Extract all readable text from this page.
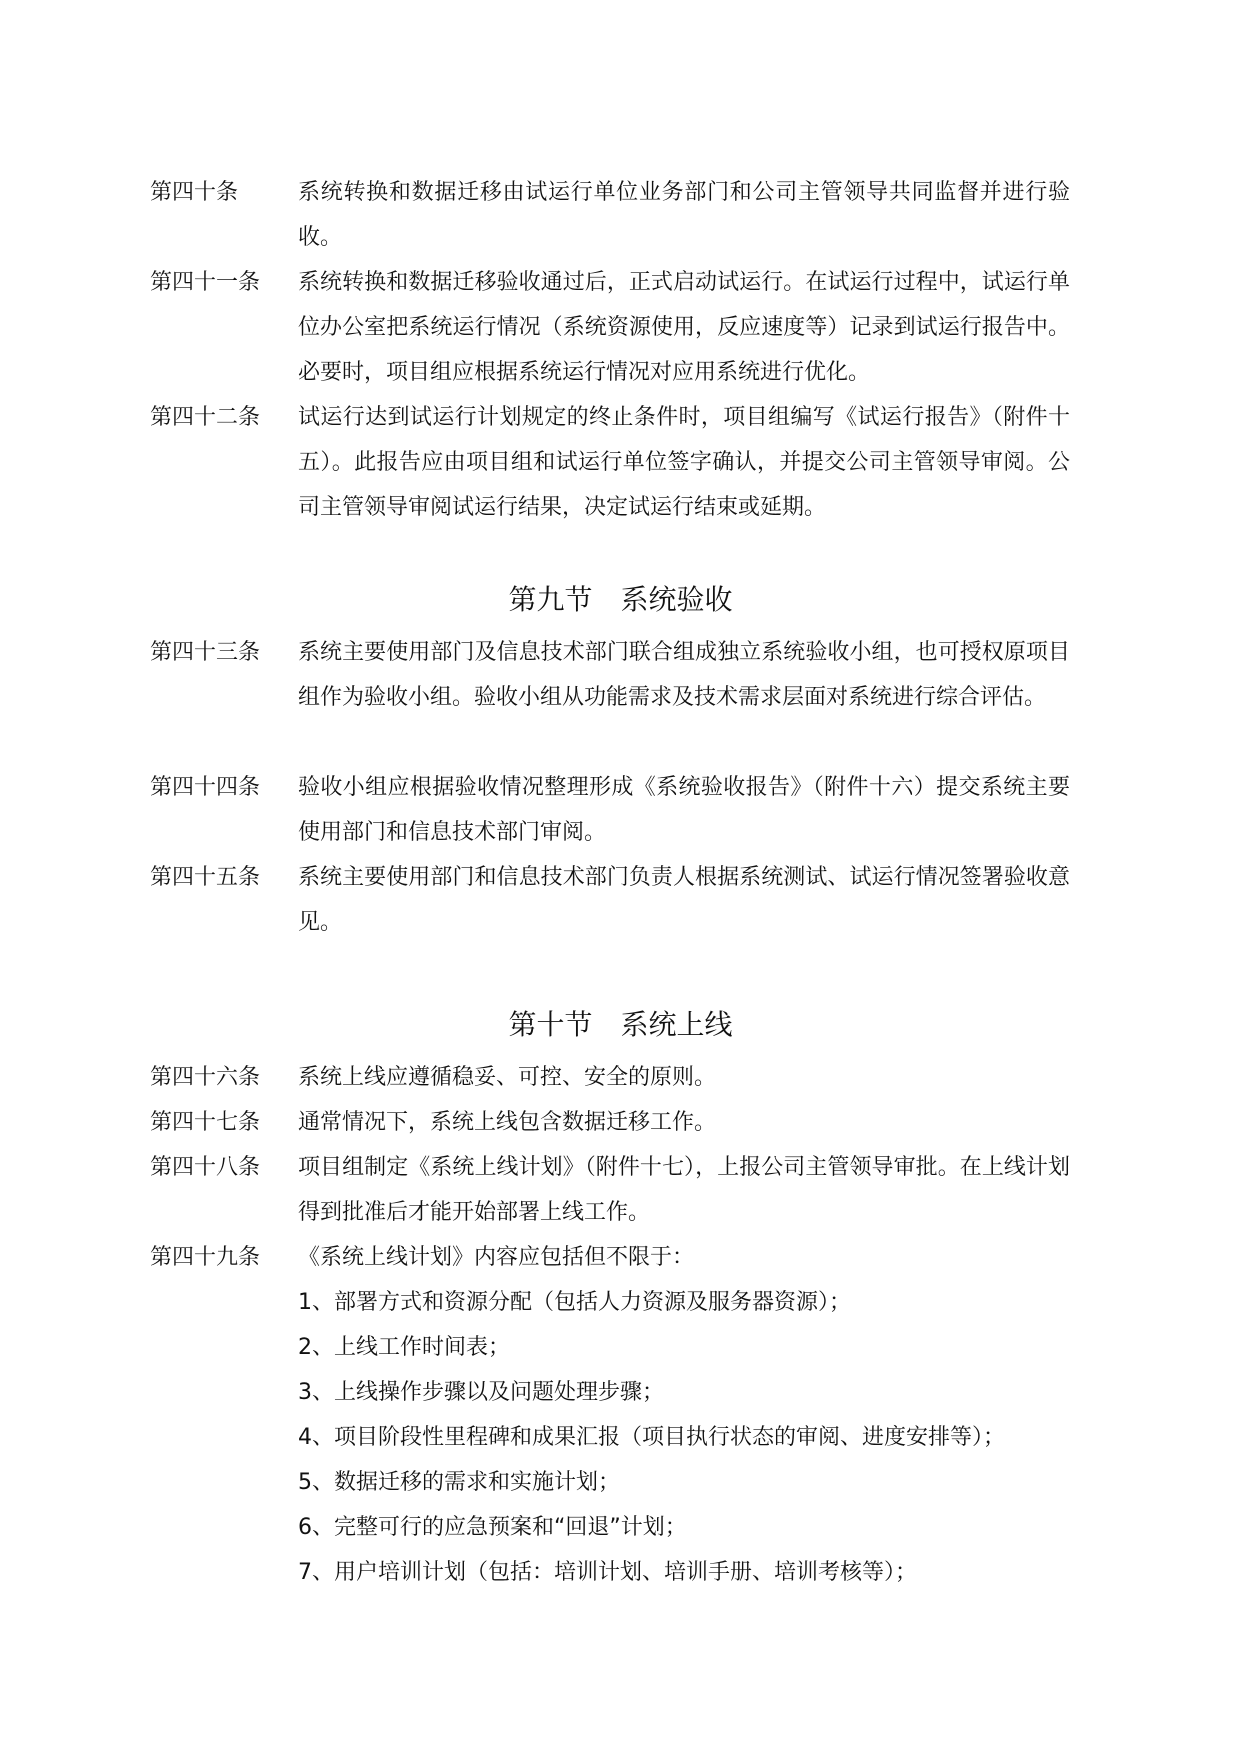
第四十条	系统转换和数据迁移由试运行单位业务部门和公司主管领导共同监督并进行验收。
第四十一条 系统转换和数据迁移验收通过后，正式启动试运行。在试运行过程中，试运行单位办公室把系统运行情况（系统资源使用，反应速度等）记录到试运行报告中。必要时，项目组应根据系统运行情况对应用系统进行优化。
第四十二条 试运行达到试运行计划规定的终止条件时，项目组编写《试运行报告》（附件十五）。此报告应由项目组和试运行单位签字确认，并提交公司主管领导审阅。公司主管领导审阅试运行结果，决定试运行结束或延期。
第九节　系统验收
第四十三条 系统主要使用部门及信息技术部门联合组成独立系统验收小组，也可授权原项目组作为验收小组。验收小组从功能需求及技术需求层面对系统进行综合评估。
第四十四条 验收小组应根据验收情况整理形成《系统验收报告》（附件十六）提交系统主要使用部门和信息技术部门审阅。
第四十五条 系统主要使用部门和信息技术部门负责人根据系统测试、试运行情况签署验收意见。
第十节　系统上线
第四十六条 系统上线应遵循稳妥、可控、安全的原则。
第四十七条 通常情况下，系统上线包含数据迁移工作。
第四十八条 项目组制定《系统上线计划》（附件十七），上报公司主管领导审批。在上线计划得到批准后才能开始部署上线工作。
第四十九条 《系统上线计划》内容应包括但不限于：
1、部署方式和资源分配（包括人力资源及服务器资源）；
2、上线工作时间表；
3、上线操作步骤以及问题处理步骤；
4、项目阶段性里程碑和成果汇报（项目执行状态的审阅、进度安排等）；
5、数据迁移的需求和实施计划；
6、完整可行的应急预案和“回退”计划；
7、用户培训计划（包括：培训计划、培训手册、培训考核等）；
